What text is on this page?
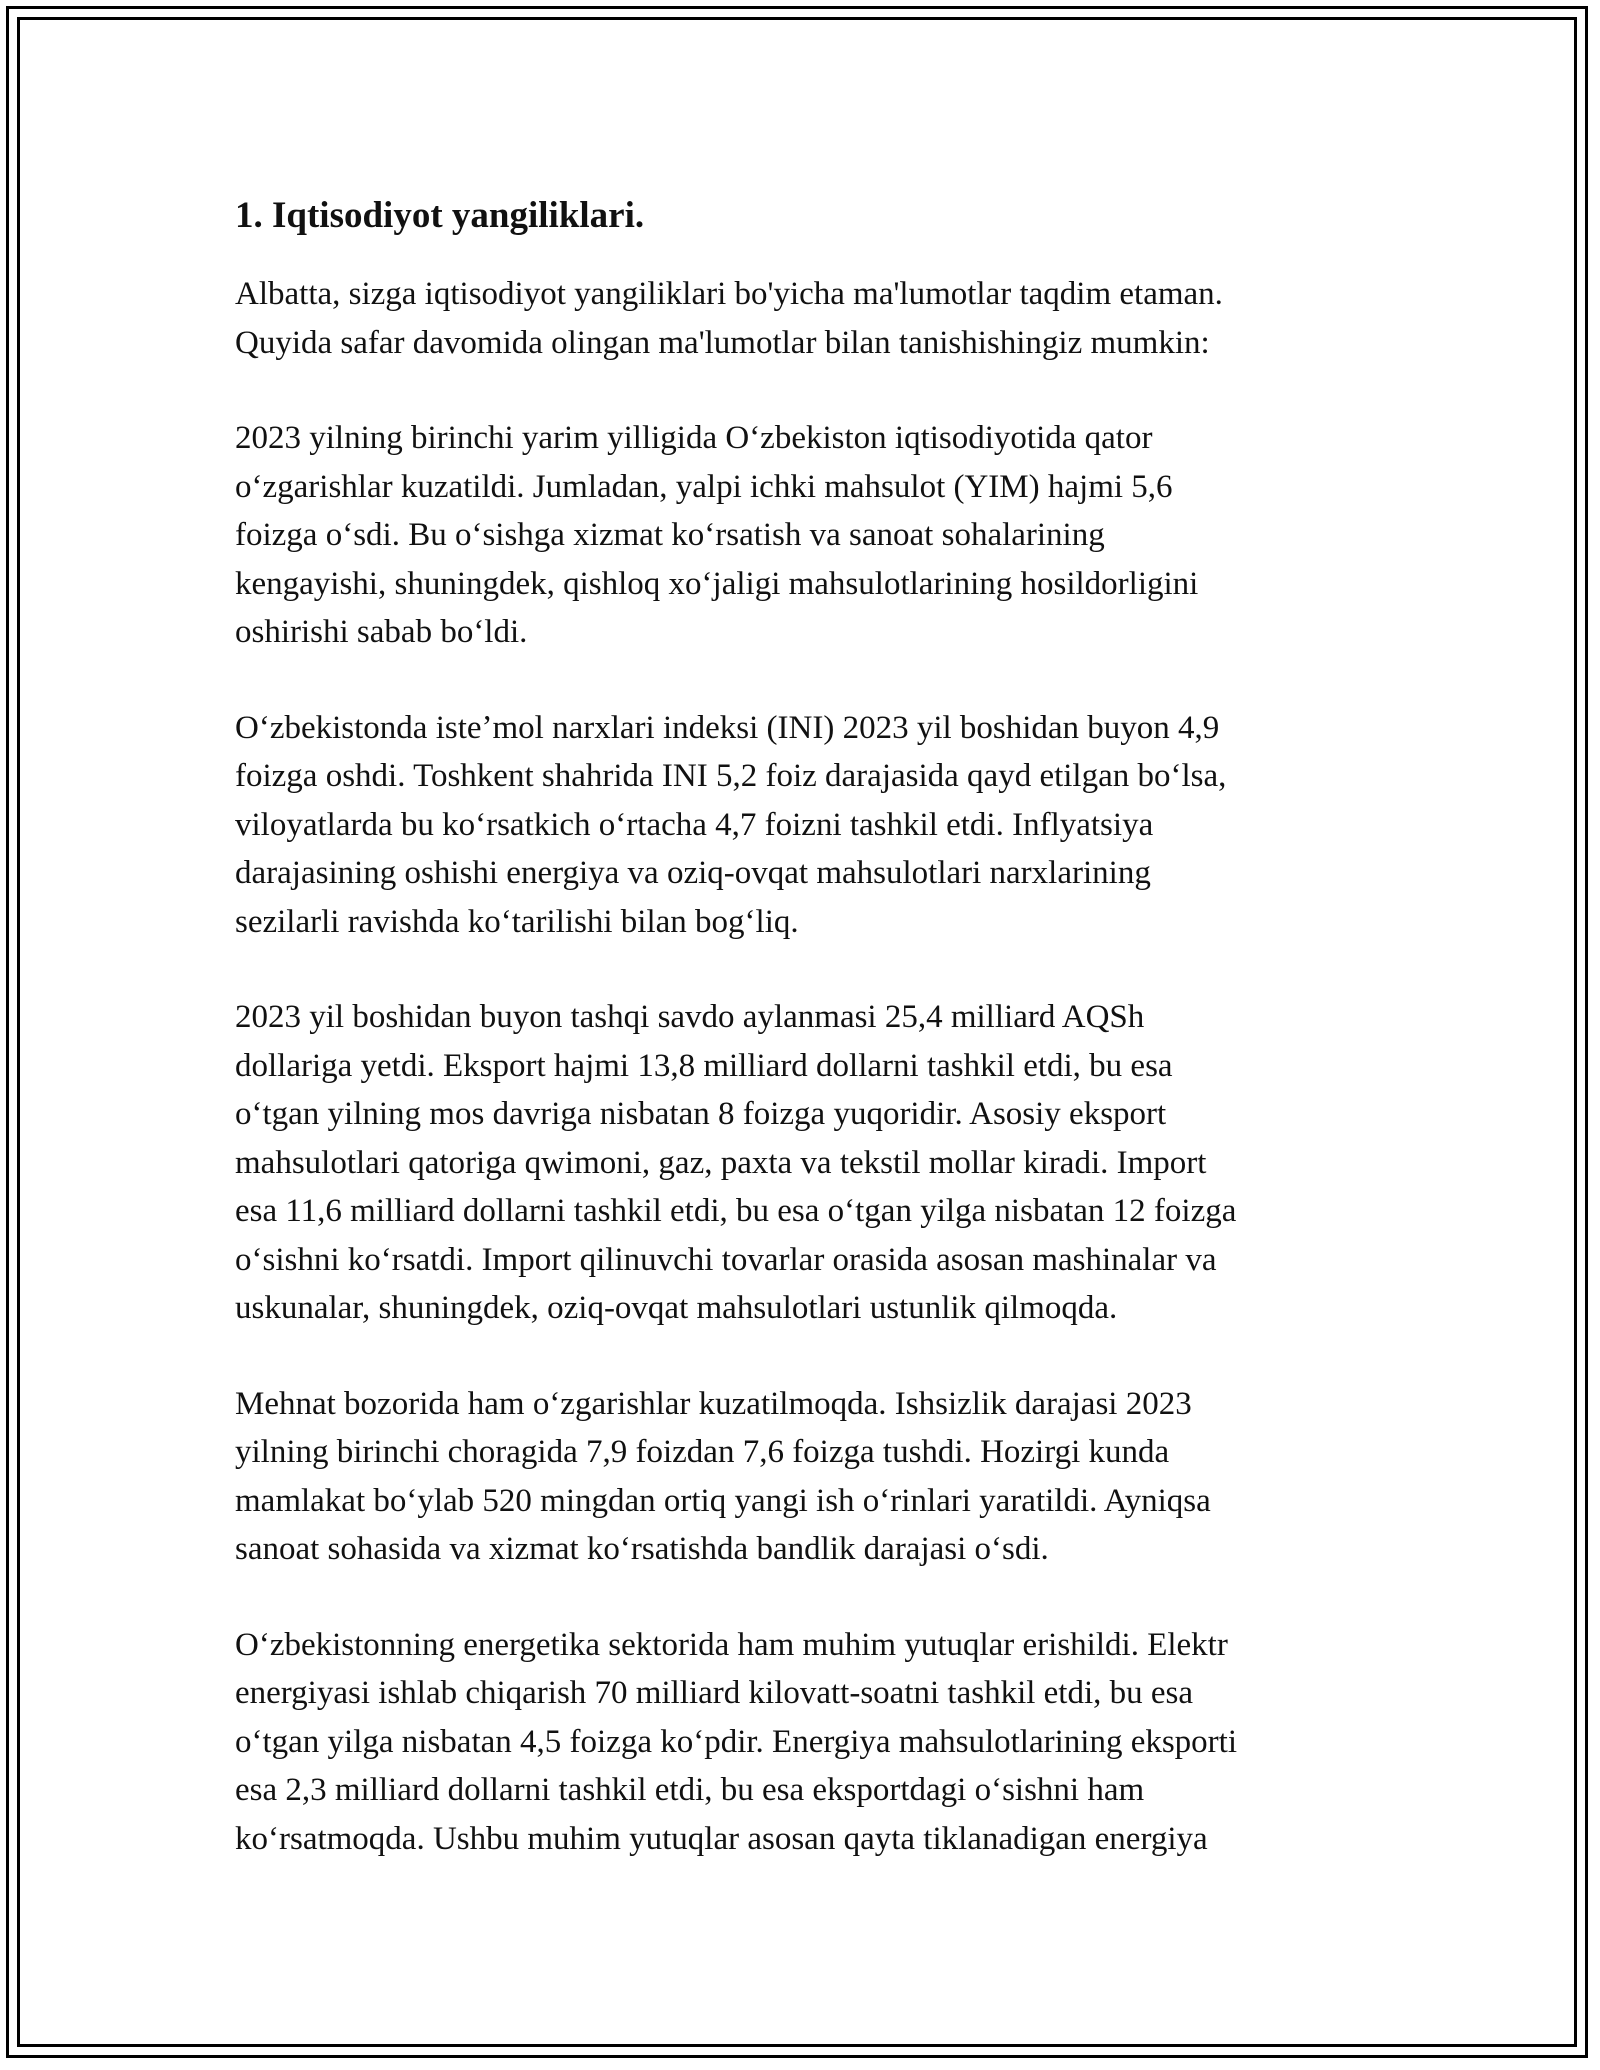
1. Iqtisodiyot yangiliklari.

Albatta, sizga iqtisodiyot yangiliklari bo'yicha ma'lumotlar taqdim etaman.
Quyida safar davomida olingan ma'lumotlar bilan tanishishingiz mumkin:

2023 yilning birinchi yarim yilligida Oʻzbekiston iqtisodiyotida qator
oʻzgarishlar kuzatildi. Jumladan, yalpi ichki mahsulot (YIM) hajmi 5,6
foizga oʻsdi. Bu oʻsishga xizmat koʻrsatish va sanoat sohalarining
kengayishi, shuningdek, qishloq xoʻjaligi mahsulotlarining hosildorligini
oshirishi sabab boʻldi.

Oʻzbekistonda isteʼmol narxlari indeksi (INI) 2023 yil boshidan buyon 4,9
foizga oshdi. Toshkent shahrida INI 5,2 foiz darajasida qayd etilgan boʻlsa,
viloyatlarda bu koʻrsatkich oʻrtacha 4,7 foizni tashkil etdi. Inflyatsiya
darajasining oshishi energiya va oziq-ovqat mahsulotlari narxlarining
sezilarli ravishda koʻtarilishi bilan bogʻliq.

2023 yil boshidan buyon tashqi savdo aylanmasi 25,4 milliard AQSh
dollariga yetdi. Eksport hajmi 13,8 milliard dollarni tashkil etdi, bu esa
oʻtgan yilning mos davriga nisbatan 8 foizga yuqoridir. Asosiy eksport
mahsulotlari qatoriga qwimoni, gaz, paxta va tekstil mollar kiradi. Import
esa 11,6 milliard dollarni tashkil etdi, bu esa oʻtgan yilga nisbatan 12 foizga
oʻsishni koʻrsatdi. Import qilinuvchi tovarlar orasida asosan mashinalar va
uskunalar, shuningdek, oziq-ovqat mahsulotlari ustunlik qilmoqda.

Mehnat bozorida ham oʻzgarishlar kuzatilmoqda. Ishsizlik darajasi 2023
yilning birinchi choragida 7,9 foizdan 7,6 foizga tushdi. Hozirgi kunda
mamlakat boʻylab 520 mingdan ortiq yangi ish oʻrinlari yaratildi. Ayniqsa
sanoat sohasida va xizmat koʻrsatishda bandlik darajasi oʻsdi.

Oʻzbekistonning energetika sektorida ham muhim yutuqlar erishildi. Elektr
energiyasi ishlab chiqarish 70 milliard kilovatt-soatni tashkil etdi, bu esa
oʻtgan yilga nisbatan 4,5 foizga koʻpdir. Energiya mahsulotlarining eksporti
esa 2,3 milliard dollarni tashkil etdi, bu esa eksportdagi oʻsishni ham
koʻrsatmoqda. Ushbu muhim yutuqlar asosan qayta tiklanadigan energiya
